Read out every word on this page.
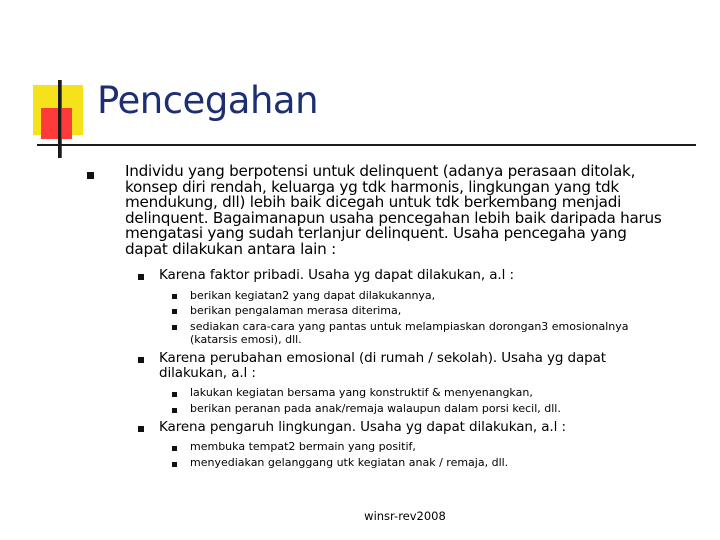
Pencegahan
Individu yang berpotensi untuk delinquent (adanya perasaan ditolak,
konsep diri rendah, keluarga yg tdk harmonis, lingkungan yang tdk
mendukung, dll) lebih baik dicegah untuk tdk berkembang menjadi
delinquent. Bagaimanapun usaha pencegahan lebih baik daripada harus
mengatasi yang sudah terlanjur delinquent. Usaha pencegaha yang
dapat dilakukan antara lain :
Karena faktor pribadi. Usaha yg dapat dilakukan, a.l :
berikan kegiatan2 yang dapat dilakukannya,
berikan pengalaman merasa diterima,
sediakan cara-cara yang pantas untuk melampiaskan dorongan3 emosionalnya
(katarsis emosi), dll.
Karena perubahan emosional (di rumah / sekolah). Usaha yg dapat
dilakukan, a.l :
lakukan kegiatan bersama yang konstruktif & menyenangkan,
berikan peranan pada anak/remaja walaupun dalam porsi kecil, dll.
Karena pengaruh lingkungan. Usaha yg dapat dilakukan, a.l :
membuka tempat2 bermain yang positif,
menyediakan gelanggang utk kegiatan anak / remaja, dll.
winsr-rev2008
